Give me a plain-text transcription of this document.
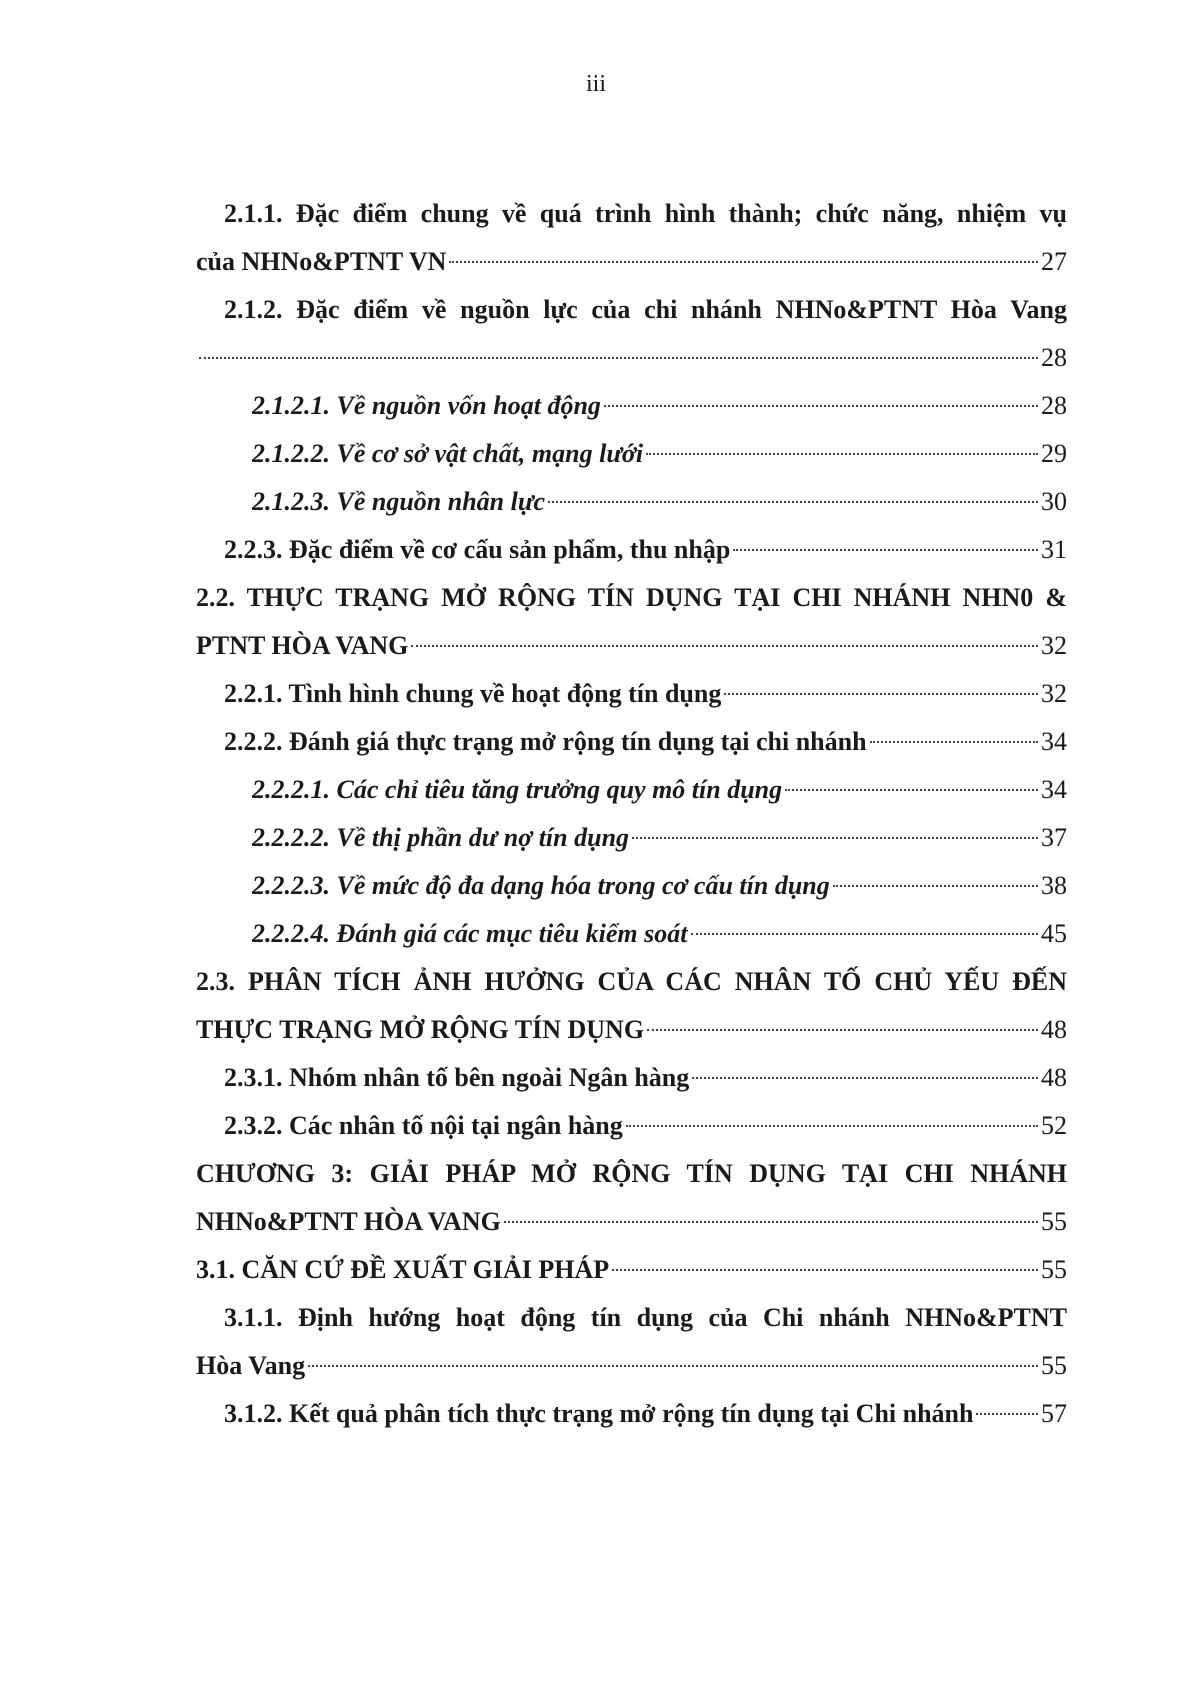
iii
2.1.1. Đặc điểm chung về quá trình hình thành; chức năng, nhiệm vụ
của NHNo&PTNT VN	27
2.1.2. Đặc điểm về nguồn lực của chi nhánh NHNo&PTNT Hòa Vang
28
2.1.2.1. Về nguồn vốn hoạt động	28
2.1.2.2. Về cơ sở vật chất, mạng lưới	29
2.1.2.3. Về nguồn nhân lực	30
2.2.3. Đặc điểm về cơ cấu sản phẩm, thu nhập	31
2.2. THỰC TRẠNG MỞ RỘNG TÍN DỤNG TẠI CHI NHÁNH NHN0 &
PTNT HÒA VANG	32
2.2.1. Tình hình chung về hoạt động tín dụng	32
2.2.2. Đánh giá thực trạng mở rộng tín dụng tại chi nhánh	34
2.2.2.1. Các chỉ tiêu tăng trưởng quy mô tín dụng	34
2.2.2.2. Về thị phần dư nợ tín dụng	37
2.2.2.3. Về mức độ đa dạng hóa trong cơ cấu tín dụng	38
2.2.2.4. Đánh giá các mục tiêu kiểm soát	45
2.3. PHÂN TÍCH ẢNH HƯỞNG CỦA CÁC NHÂN TỐ CHỦ YẾU ĐẾN
THỰC TRẠNG MỞ RỘNG TÍN DỤNG	48
2.3.1. Nhóm nhân tố bên ngoài Ngân hàng	48
2.3.2. Các nhân tố nội tại ngân hàng	52
CHƯƠNG 3: GIẢI PHÁP MỞ RỘNG TÍN DỤNG TẠI CHI NHÁNH
NHNo&PTNT HÒA VANG	55
3.1. CĂN CỨ ĐỀ XUẤT GIẢI PHÁP	55
3.1.1. Định hướng hoạt động tín dụng của Chi nhánh NHNo&PTNT
Hòa Vang	55
3.1.2. Kết quả phân tích thực trạng mở rộng tín dụng tại Chi nhánh	57
